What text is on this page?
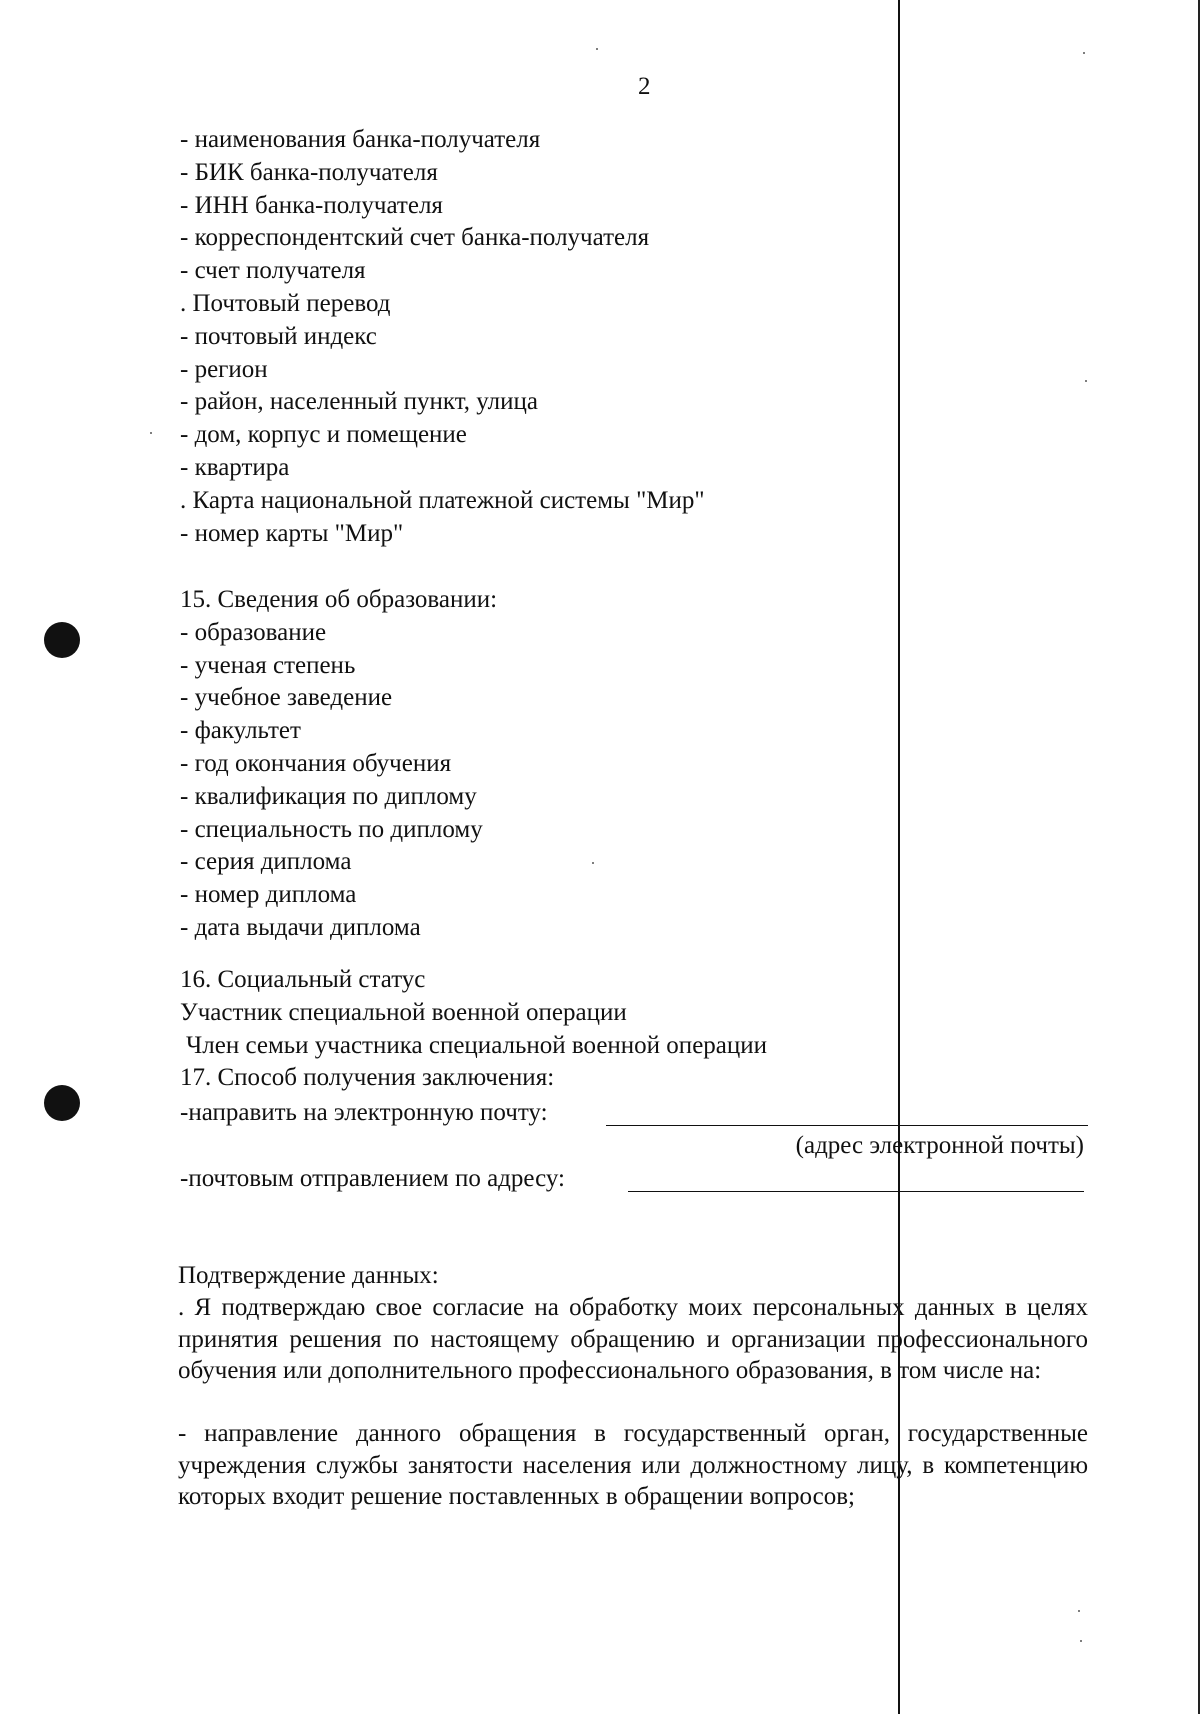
2
- наименования банка-получателя
- БИК банка-получателя
- ИНН банка-получателя
- корреспондентский счет банка-получателя
- счет получателя
. Почтовый перевод
- почтовый индекс
- регион
- район, населенный пункт, улица
- дом, корпус и помещение
- квартира
. Карта национальной платежной системы "Мир"
- номер карты "Мир"
15. Сведения об образовании:
- образование
- ученая степень
- учебное заведение
- факультет
- год окончания обучения
- квалификация по диплому
- специальность по диплому
- серия диплома
- номер диплома
- дата выдачи диплома
16. Социальный статус
Участник специальной военной операции
Член семьи участника специальной военной операции
17. Способ получения заключения:
-направить на электронную почту:
(адрес электронной почты)
-почтовым отправлением по адресу:
Подтверждение данных:
. Я подтверждаю свое согласие на обработку моих персональных данных в целях принятия решения по настоящему обращению и организации профессионального обучения или дополнительного профессионального образования, в том числе на:
- направление данного обращения в государственный орган, государственные учреждения службы занятости населения или должностному лицу, в компетенцию которых входит решение поставленных в обращении вопросов;
